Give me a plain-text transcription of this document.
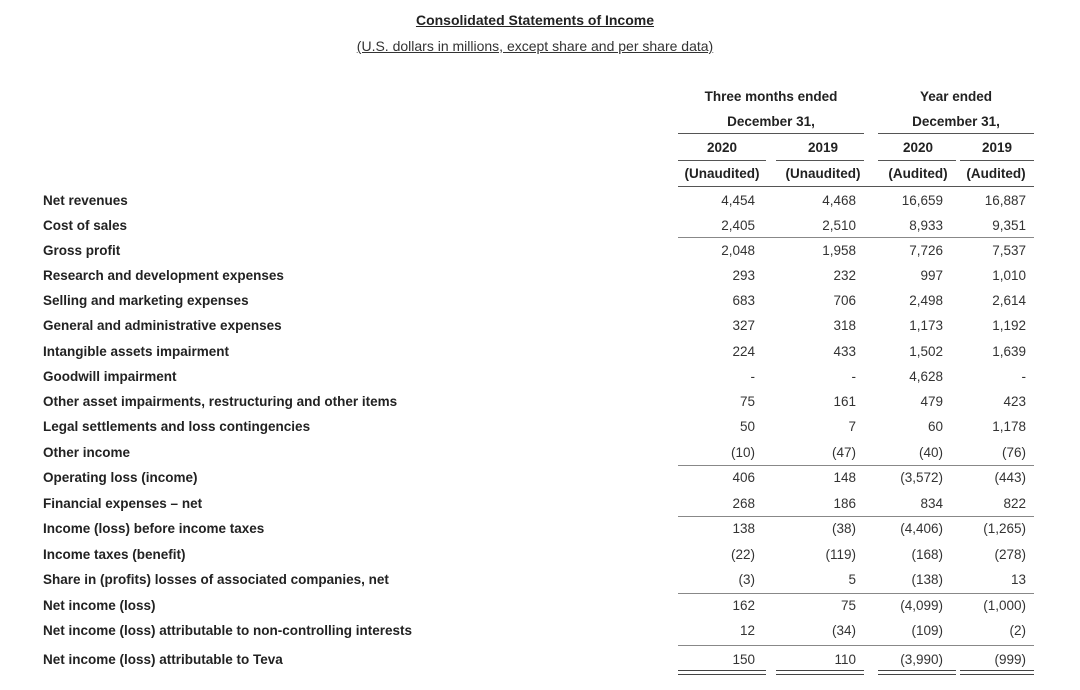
Consolidated Statements of Income
(U.S. dollars in millions, except share and per share data)
Three months ended
December 31,
Year ended
December 31,
2020	2019	2020	2019
(Unaudited)	(Unaudited)	(Audited)	(Audited)
Net revenues	4,454	4,468	16,659	16,887
Cost of sales	2,405	2,510	8,933	9,351
Gross profit	2,048	1,958	7,726	7,537
Research and development expenses	293	232	997	1,010
Selling and marketing expenses	683	706	2,498	2,614
General and administrative expenses	327	318	1,173	1,192
Intangible assets impairment	224	433	1,502	1,639
Goodwill impairment	-	-	4,628	-
Other asset impairments, restructuring and other items	75	161	479	423
Legal settlements and loss contingencies	50	7	60	1,178
Other income	(10)	(47)	(40)	(76)
Operating loss (income)	406	148	(3,572)	(443)
Financial expenses – net	268	186	834	822
Income (loss) before income taxes	138	(38)	(4,406)	(1,265)
Income taxes (benefit)	(22)	(119)	(168)	(278)
Share in (profits) losses of associated companies, net	(3)	5	(138)	13
Net income (loss)	162	75	(4,099)	(1,000)
Net income (loss) attributable to non-controlling interests	12	(34)	(109)	(2)
Net income (loss) attributable to Teva	150	110	(3,990)	(999)
